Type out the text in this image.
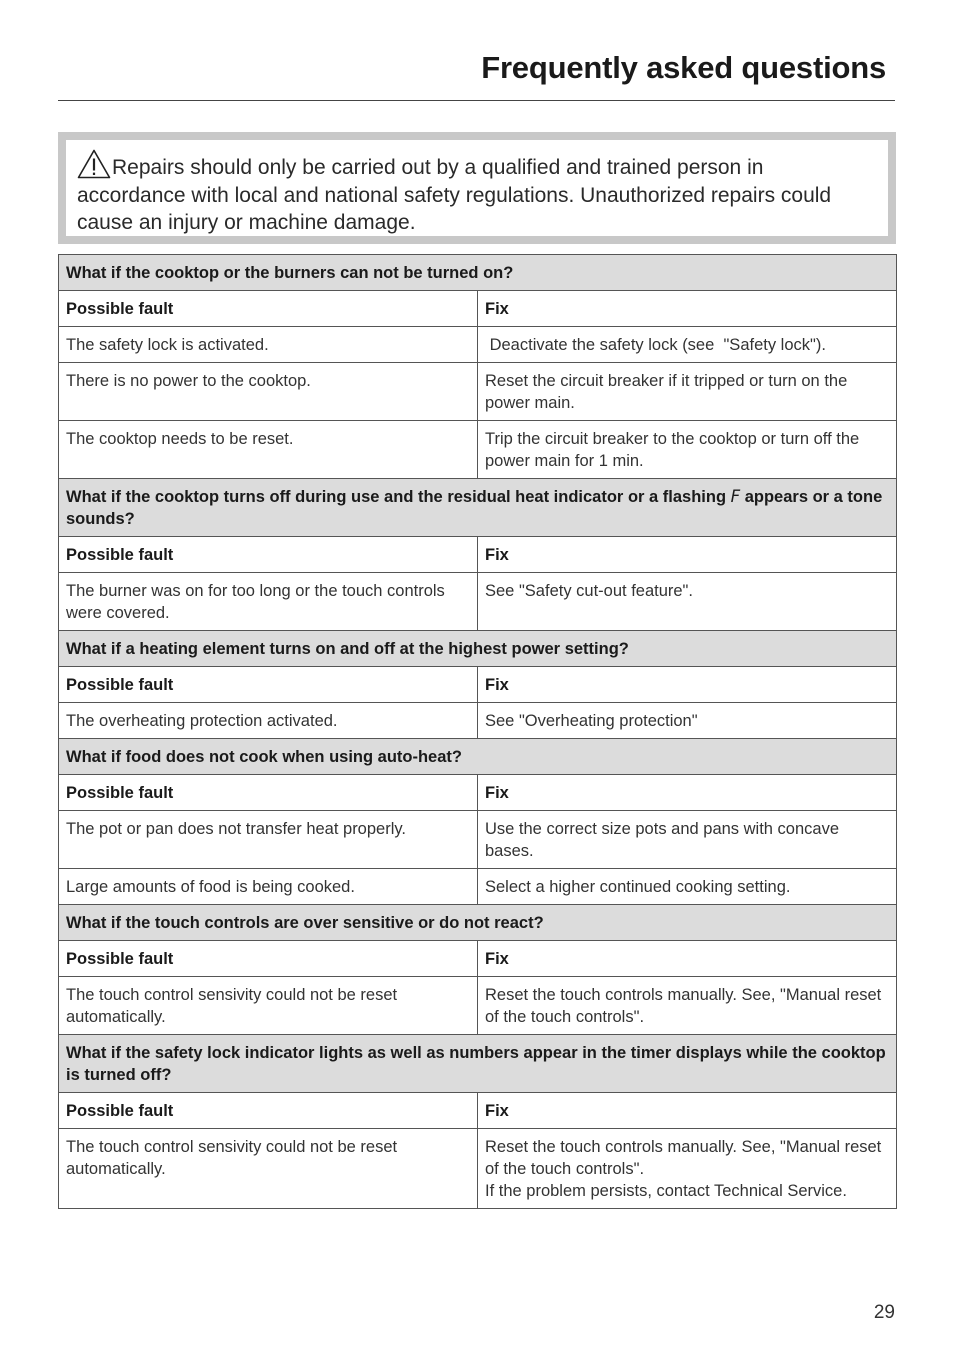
Frequently asked questions
Repairs should only be carried out by a qualified and trained person in accordance with local and national safety regulations. Unauthorized repairs could cause an injury or machine damage.
What if the cooktop or the burners can not be turned on?	
Possible fault	Fix
The safety lock is activated.	Deactivate the safety lock (see  "Safety lock").
There is no power to the cooktop.	Reset the circuit breaker if it tripped or turn on the power main.
The cooktop needs to be reset.	Trip the circuit breaker to the cooktop or turn off the power main for 1 min.
What if the cooktop turns off during use and the residual heat indicator or a flashing F appears or a tone sounds?	
Possible fault	Fix
The burner was on for too long or the touch controls were covered.	See "Safety cut-out feature".
What if a heating element turns on and off at the highest power setting?	
Possible fault	Fix
The overheating protection activated.	See "Overheating protection"
What if food does not cook when using auto-heat?	
Possible fault	Fix
The pot or pan does not transfer heat properly.	Use the correct size pots and pans with concave bases.
Large amounts of food is being cooked.	Select a higher continued cooking setting.
What if the touch controls are over sensitive or do not react?	
Possible fault	Fix
The touch control sensivity could not be reset automatically.	Reset the touch controls manually. See, "Manual reset of the touch controls".
What if the safety lock indicator lights as well as numbers appear in the timer displays while the cooktop is turned off?	
Possible fault	Fix
The touch control sensivity could not be reset automatically.	Reset the touch controls manually. See, "Manual reset of the touch controls".
If the problem persists, contact Technical Service.
29
